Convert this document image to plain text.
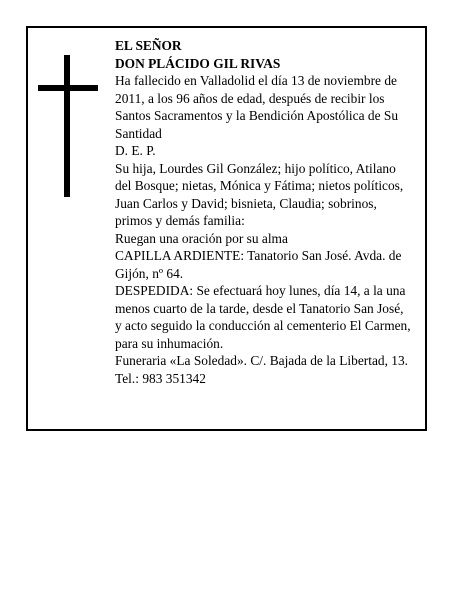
EL SEÑOR

DON PLÁCIDO GIL RIVAS

Ha fallecido en Valladolid el día 13 de noviembre de 2011, a los 96 años de edad, después de recibir los Santos Sacramentos y la Bendición Apostólica de Su Santidad

D. E. P.

Su hija, Lourdes Gil González; hijo político, Atilano del Bosque; nietas, Mónica y Fátima; nietos políticos, Juan Carlos y David; bisnieta, Claudia; sobrinos, primos y demás familia:

Ruegan una oración por su alma

CAPILLA ARDIENTE: Tanatorio San José. Avda. de Gijón, nº 64.

DESPEDIDA: Se efectuará hoy lunes, día 14, a la una menos cuarto de la tarde, desde el Tanatorio San José, y acto seguido la conducción al cementerio El Carmen, para su inhumación.

Funeraria «La Soledad». C/. Bajada de la Libertad, 13. Tel.: 983 351342
